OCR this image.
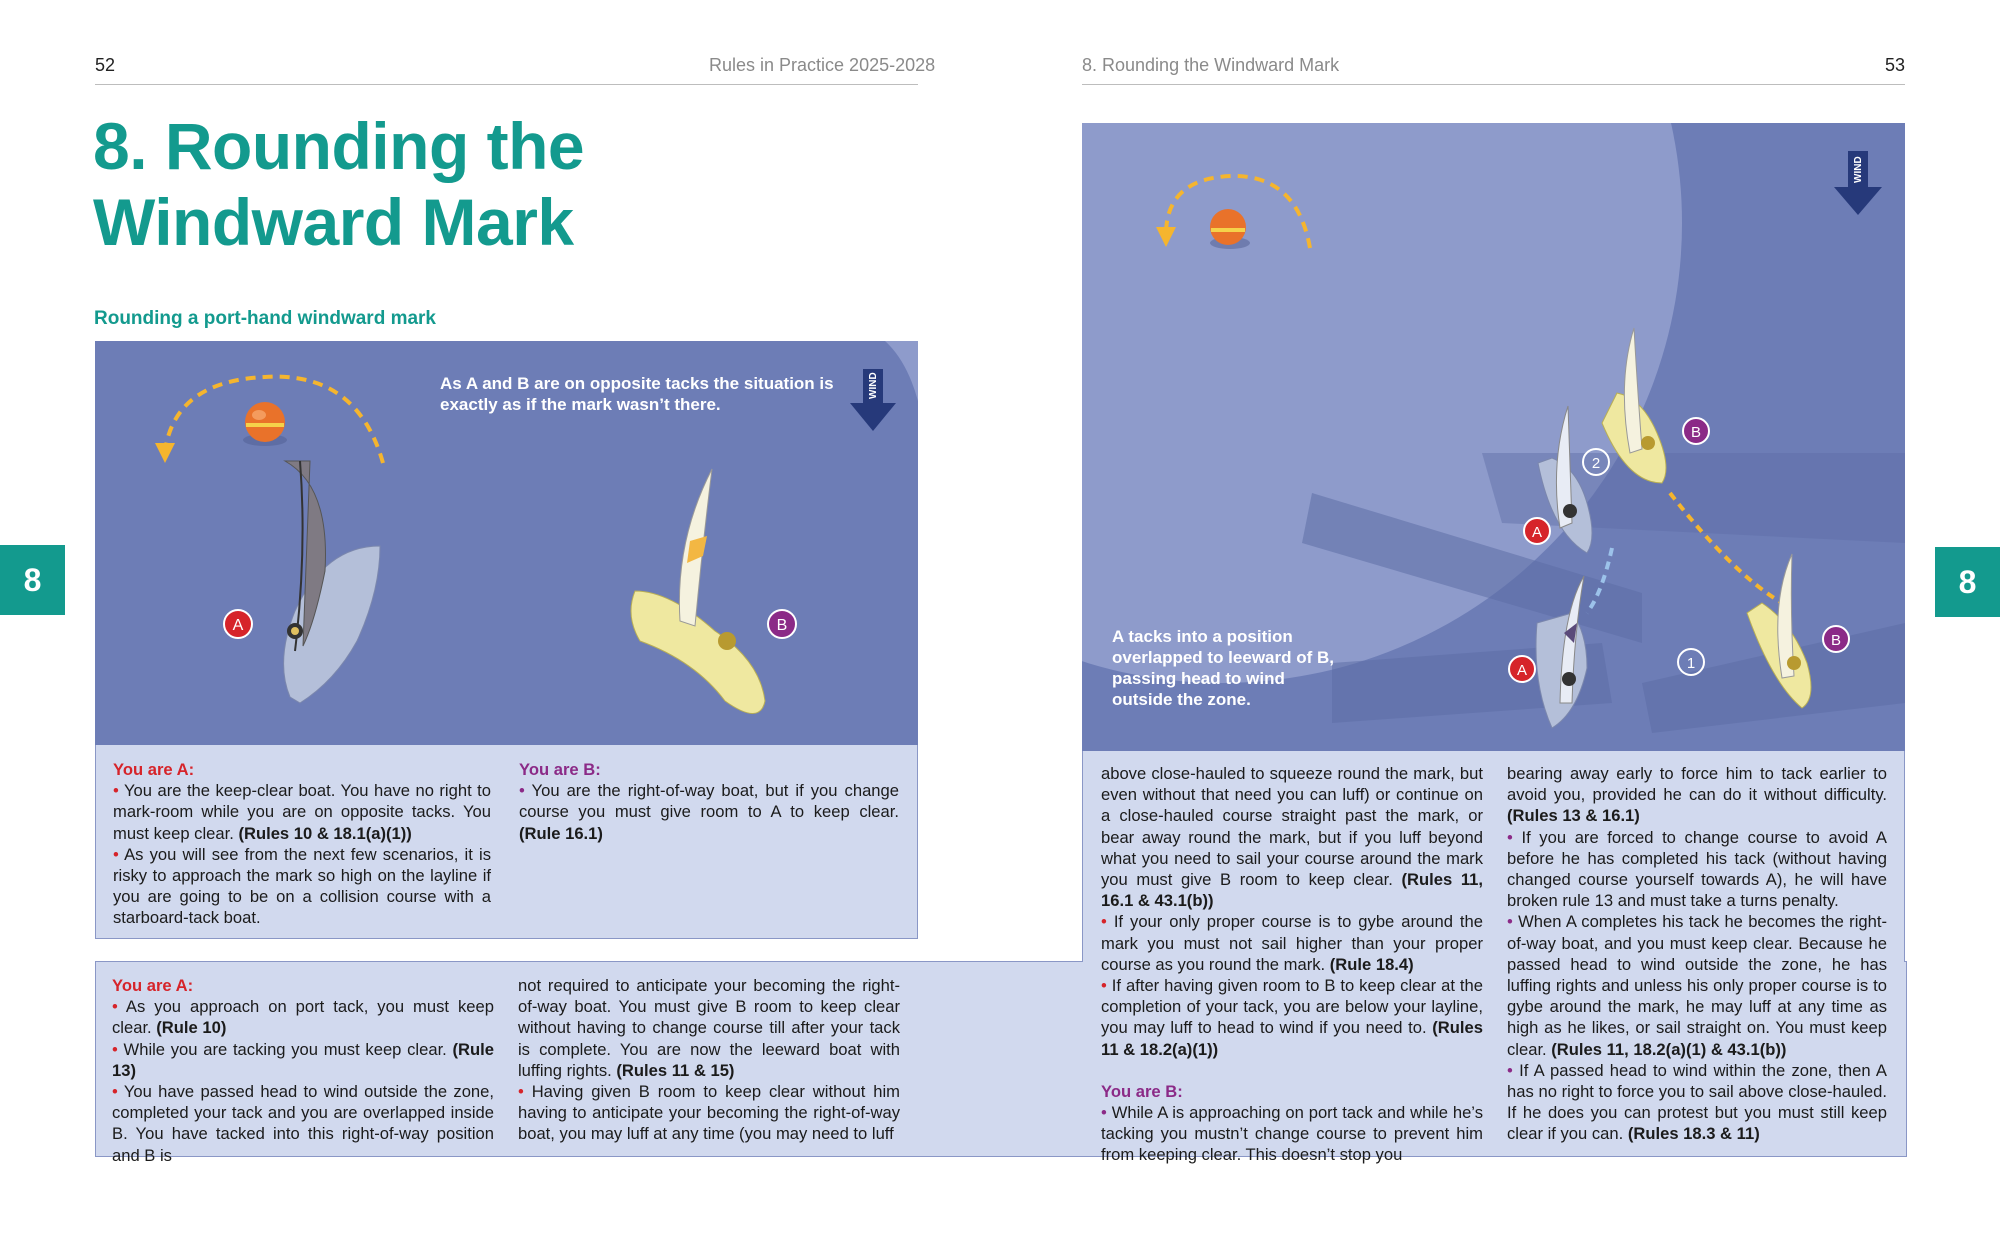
52	Rules in Practice 2025-2028	8. Rounding the Windward Mark	53
8	8
8. Rounding the
Windward Mark
Rounding a port-hand windward mark
A	B
WIND
As A and B are on opposite tacks the situation is exactly as if the mark wasn’t there.

You are A:

• You are the keep-clear boat. You have no right to mark-room while you are on opposite tacks. You must keep clear. (Rules 10 & 18.1(a)(1))

• As you will see from the next few scenarios, it is risky to approach the mark so high on the layline if you are going to be on a collision course with a starboard-tack boat.

You are B:

• You are the right-of-way boat, but if you change course you must give room to A to keep clear. (Rule 16.1)

B
2
A
A	1
B
WIND
A tacks into a position overlapped to leeward of B, passing head to wind outside the zone.

You are A:

• As you approach on port tack, you must keep clear. (Rule 10)

• While you are tacking you must keep clear. (Rule 13)

• You have passed head to wind outside the zone, completed your tack and you are overlapped inside B. You have tacked into this right-of-way position and B is

not required to anticipate your becoming the right-of-way boat. You must give B room to keep clear without having to change course till after your tack is complete. You are now the leeward boat with luffing rights. (Rules 11 & 15)

• Having given B room to keep clear without him having to anticipate your becoming the right-of-way boat, you may luff at any time (you may need to luff

above close-hauled to squeeze round the mark, but even without that need you can luff) or continue on a close-hauled course straight past the mark, or bear away round the mark, but if you luff beyond what you need to sail your course around the mark you must give B room to keep clear. (Rules 11, 16.1 & 43.1(b))

• If your only proper course is to gybe around the mark you must not sail higher than your proper course as you round the mark. (Rule 18.4)

• If after having given room to B to keep clear at the completion of your tack, you are below your layline, you may luff to head to wind if you need to. (Rules 11 & 18.2(a)(1))

You are B:

• While A is approaching on port tack and while he’s tacking you mustn’t change course to prevent him from keeping clear. This doesn’t stop you

bearing away early to force him to tack earlier to avoid you, provided he can do it without difficulty. (Rules 13 & 16.1)

• If you are forced to change course to avoid A before he has completed his tack (without having changed course yourself towards A), he will have broken rule 13 and must take a turns penalty.

• When A completes his tack he becomes the right-of-way boat, and you must keep clear. Because he passed head to wind outside the zone, he has luffing rights and unless his only proper course is to gybe around the mark, he may luff at any time as high as he likes, or sail straight on. You must keep clear. (Rules 11, 18.2(a)(1) & 43.1(b))

• If A passed head to wind within the zone, then A has no right to force you to sail above close-hauled. If he does you can protest but you must still keep clear if you can. (Rules 18.3 & 11)
